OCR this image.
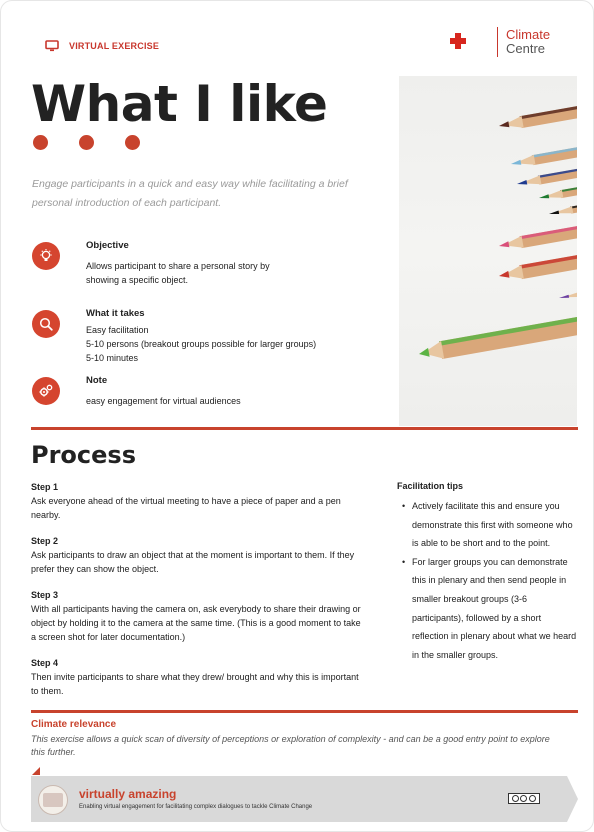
VIRTUAL EXERCISE
Climate
Centre
What I like

Engage participants in a quick and easy way while facilitating a brief personal introduction of each participant.

Objective
Allows participant to share a personal story by
showing a specific object.
What it takes
Easy facilitation
5-10 persons (breakout groups possible for larger groups)
5-10 minutes
Note
easy engagement for virtual audiences
Process
Step 1
Ask everyone ahead of the virtual meeting to have a piece of paper and a pen nearby.
Step 2
Ask participants to draw an object that at the moment is important to them. If they prefer they can show the object.
Step 3
With all participants having the camera on, ask everybody to share their drawing or object by holding it to the camera at the same time. (This is a good moment to take a screen shot for later documentation.)
Step 4
Then invite participants to share what they drew/ brought and why this is important to them.
Facilitation tips
• Actively facilitate this and ensure you demonstrate this first with someone who is able to be short and to the point.
• For larger groups you can demonstrate this in plenary and then send people in smaller breakout groups (3-6 participants), followed by a short reflection in plenary about what we heard in the smaller groups.
Climate relevance
This exercise allows a quick scan of diversity of perceptions or exploration of complexity - and can be a good entry point to explore this further.
virtually amazing
Enabling virtual engagement for facilitating complex dialogues to tackle Climate Change
